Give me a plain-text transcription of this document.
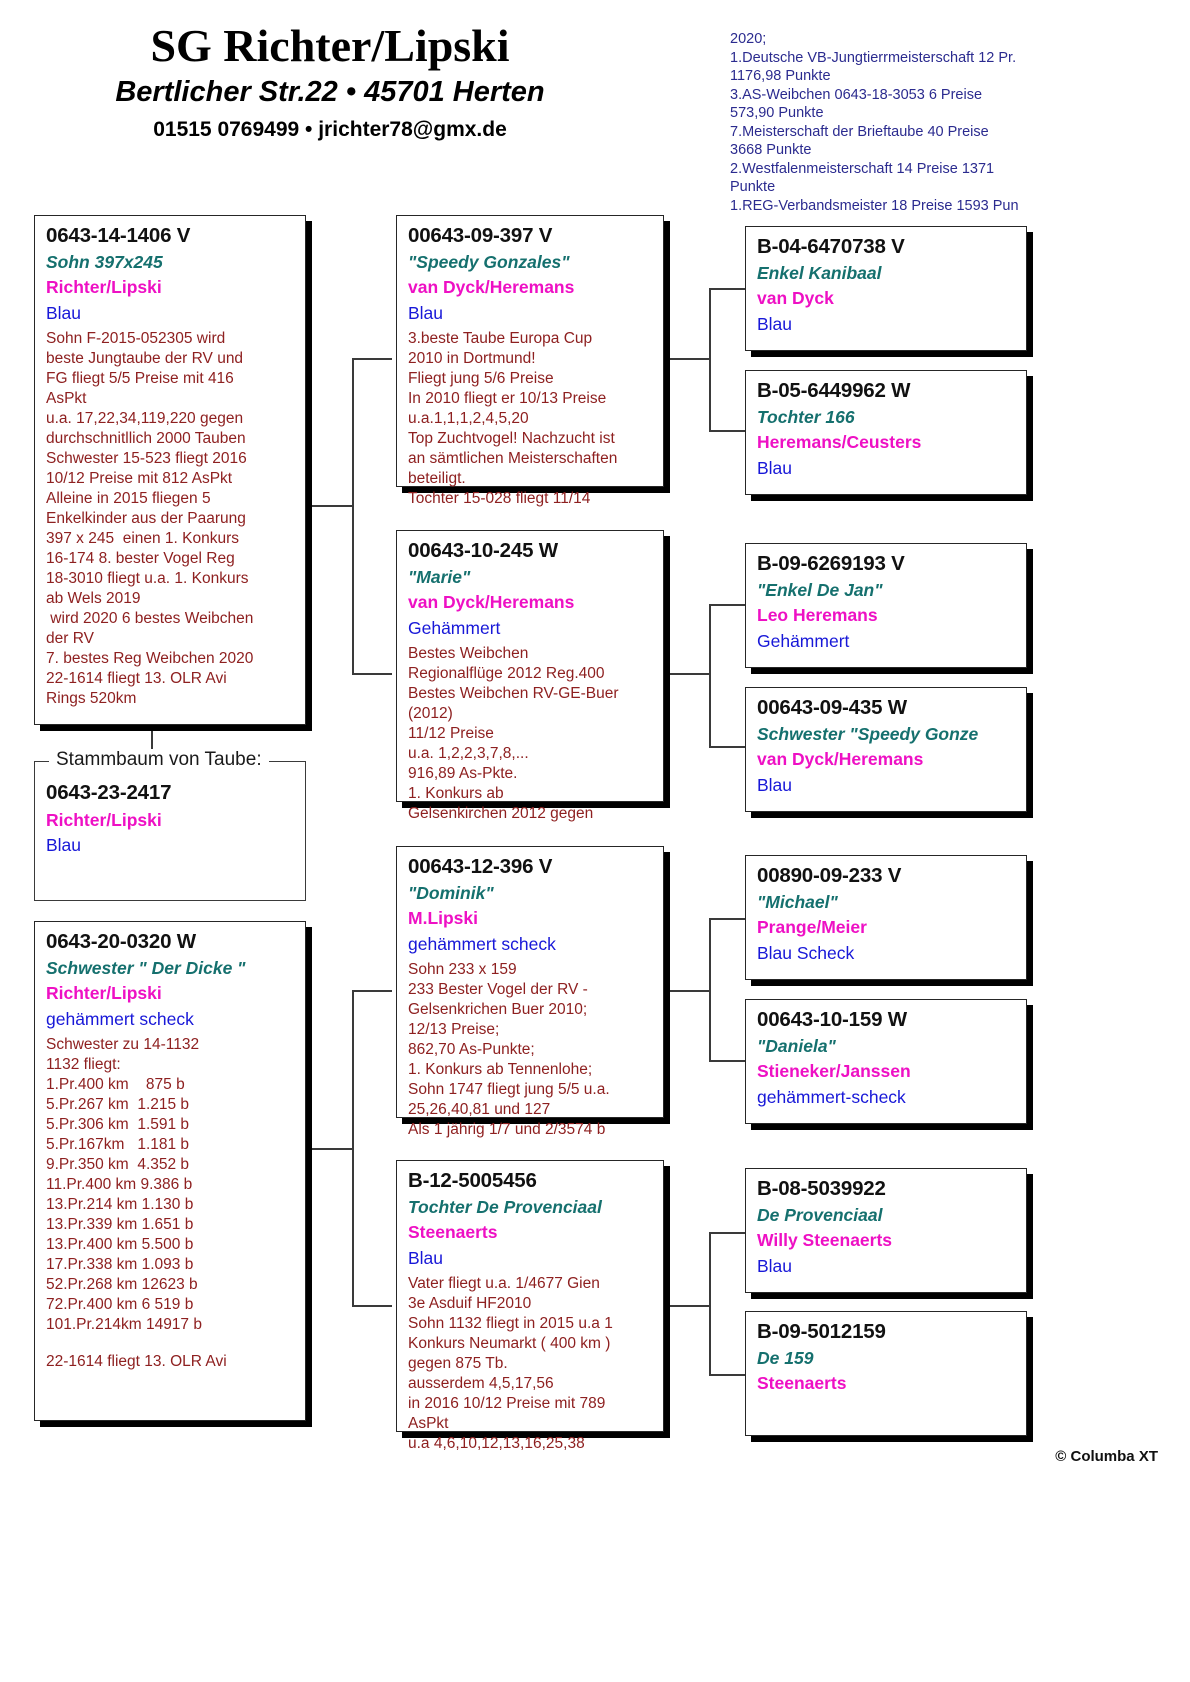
SG Richter/Lipski
Bertlicher Str.22 • 45701 Herten
01515 0769499 • jrichter78@gmx.de
2020;
1.Deutsche VB-Jungtierrmeisterschaft 12 Pr.
1176,98 Punkte
3.AS-Weibchen 0643-18-3053 6 Preise
573,90 Punkte
7.Meisterschaft der Brieftaube 40 Preise
3668 Punkte
2.Westfalenmeisterschaft 14 Preise 1371
Punkte
1.REG-Verbandsmeister 18 Preise 1593 Pun
0643-14-1406 V
Sohn 397x245
Richter/Lipski
Blau
Sohn F-2015-052305 wird
beste Jungtaube der RV und
FG fliegt 5/5 Preise mit 416
AsPkt
u.a. 17,22,34,119,220 gegen
durchschnitllich 2000 Tauben
Schwester 15-523 fliegt 2016
10/12 Preise mit 812 AsPkt
Alleine in 2015 fliegen 5
Enkelkinder aus der Paarung
397 x 245  einen 1. Konkurs
16-174 8. bester Vogel Reg
18-3010 fliegt u.a. 1. Konkurs
ab Wels 2019
wird 2020 6 bestes Weibchen
der RV
7. bestes Reg Weibchen 2020
22-1614 fliegt 13. OLR Avi
Rings 520km
Stammbaum von Taube:
0643-23-2417
Richter/Lipski
Blau
0643-20-0320 W
Schwester " Der Dicke "
Richter/Lipski
gehämmert scheck
Schwester zu 14-1132
1132 fliegt:
1.Pr.400 km    875 b
5.Pr.267 km  1.215 b
5.Pr.306 km  1.591 b
5.Pr.167km   1.181 b
9.Pr.350 km  4.352 b
11.Pr.400 km 9.386 b
13.Pr.214 km 1.130 b
13.Pr.339 km 1.651 b
13.Pr.400 km 5.500 b
17.Pr.338 km 1.093 b
52.Pr.268 km 12623 b
72.Pr.400 km 6 519 b
101.Pr.214km 14917 b

22-1614 fliegt 13. OLR Avi
00643-09-397 V
"Speedy Gonzales"
van Dyck/Heremans
Blau
3.beste Taube Europa Cup
2010 in Dortmund!
Fliegt jung 5/6 Preise
In 2010 fliegt er 10/13 Preise
u.a.1,1,1,2,4,5,20
Top Zuchtvogel! Nachzucht ist
an sämtlichen Meisterschaften
beteiligt.
Tochter 15-028 fliegt 11/14
00643-10-245 W
"Marie"
van Dyck/Heremans
Gehämmert
Bestes Weibchen
Regionalflüge 2012 Reg.400
Bestes Weibchen RV-GE-Buer
(2012)
11/12 Preise
u.a. 1,2,2,3,7,8,...
916,89 As-Pkte.
1. Konkurs ab
Gelsenkirchen 2012 gegen
00643-12-396 V
"Dominik"
M.Lipski
gehämmert scheck
Sohn 233 x 159
233 Bester Vogel der RV -
Gelsenkrichen Buer 2010;
12/13 Preise;
862,70 As-Punkte;
1. Konkurs ab Tennenlohe;
Sohn 1747 fliegt jung 5/5 u.a.
25,26,40,81 und 127
Als 1 jährig 1/7 und 2/3574 b
B-12-5005456
Tochter De Provenciaal
Steenaerts
Blau
Vater fliegt u.a. 1/4677 Gien
3e Asduif HF2010
Sohn 1132 fliegt in 2015 u.a 1
Konkurs Neumarkt ( 400 km )
gegen 875 Tb.
ausserdem 4,5,17,56
in 2016 10/12 Preise mit 789
AsPkt
u.a 4,6,10,12,13,16,25,38
B-04-6470738 V
Enkel Kanibaal
van Dyck
Blau
B-05-6449962 W
Tochter 166
Heremans/Ceusters
Blau
B-09-6269193 V
"Enkel De Jan"
Leo Heremans
Gehämmert
00643-09-435 W
Schwester "Speedy Gonze
van Dyck/Heremans
Blau
00890-09-233 V
"Michael"
Prange/Meier
Blau Scheck
00643-10-159 W
"Daniela"
Stieneker/Janssen
gehämmert-scheck
B-08-5039922
De Provenciaal
Willy Steenaerts
Blau
B-09-5012159
De 159
Steenaerts
© Columba XT
